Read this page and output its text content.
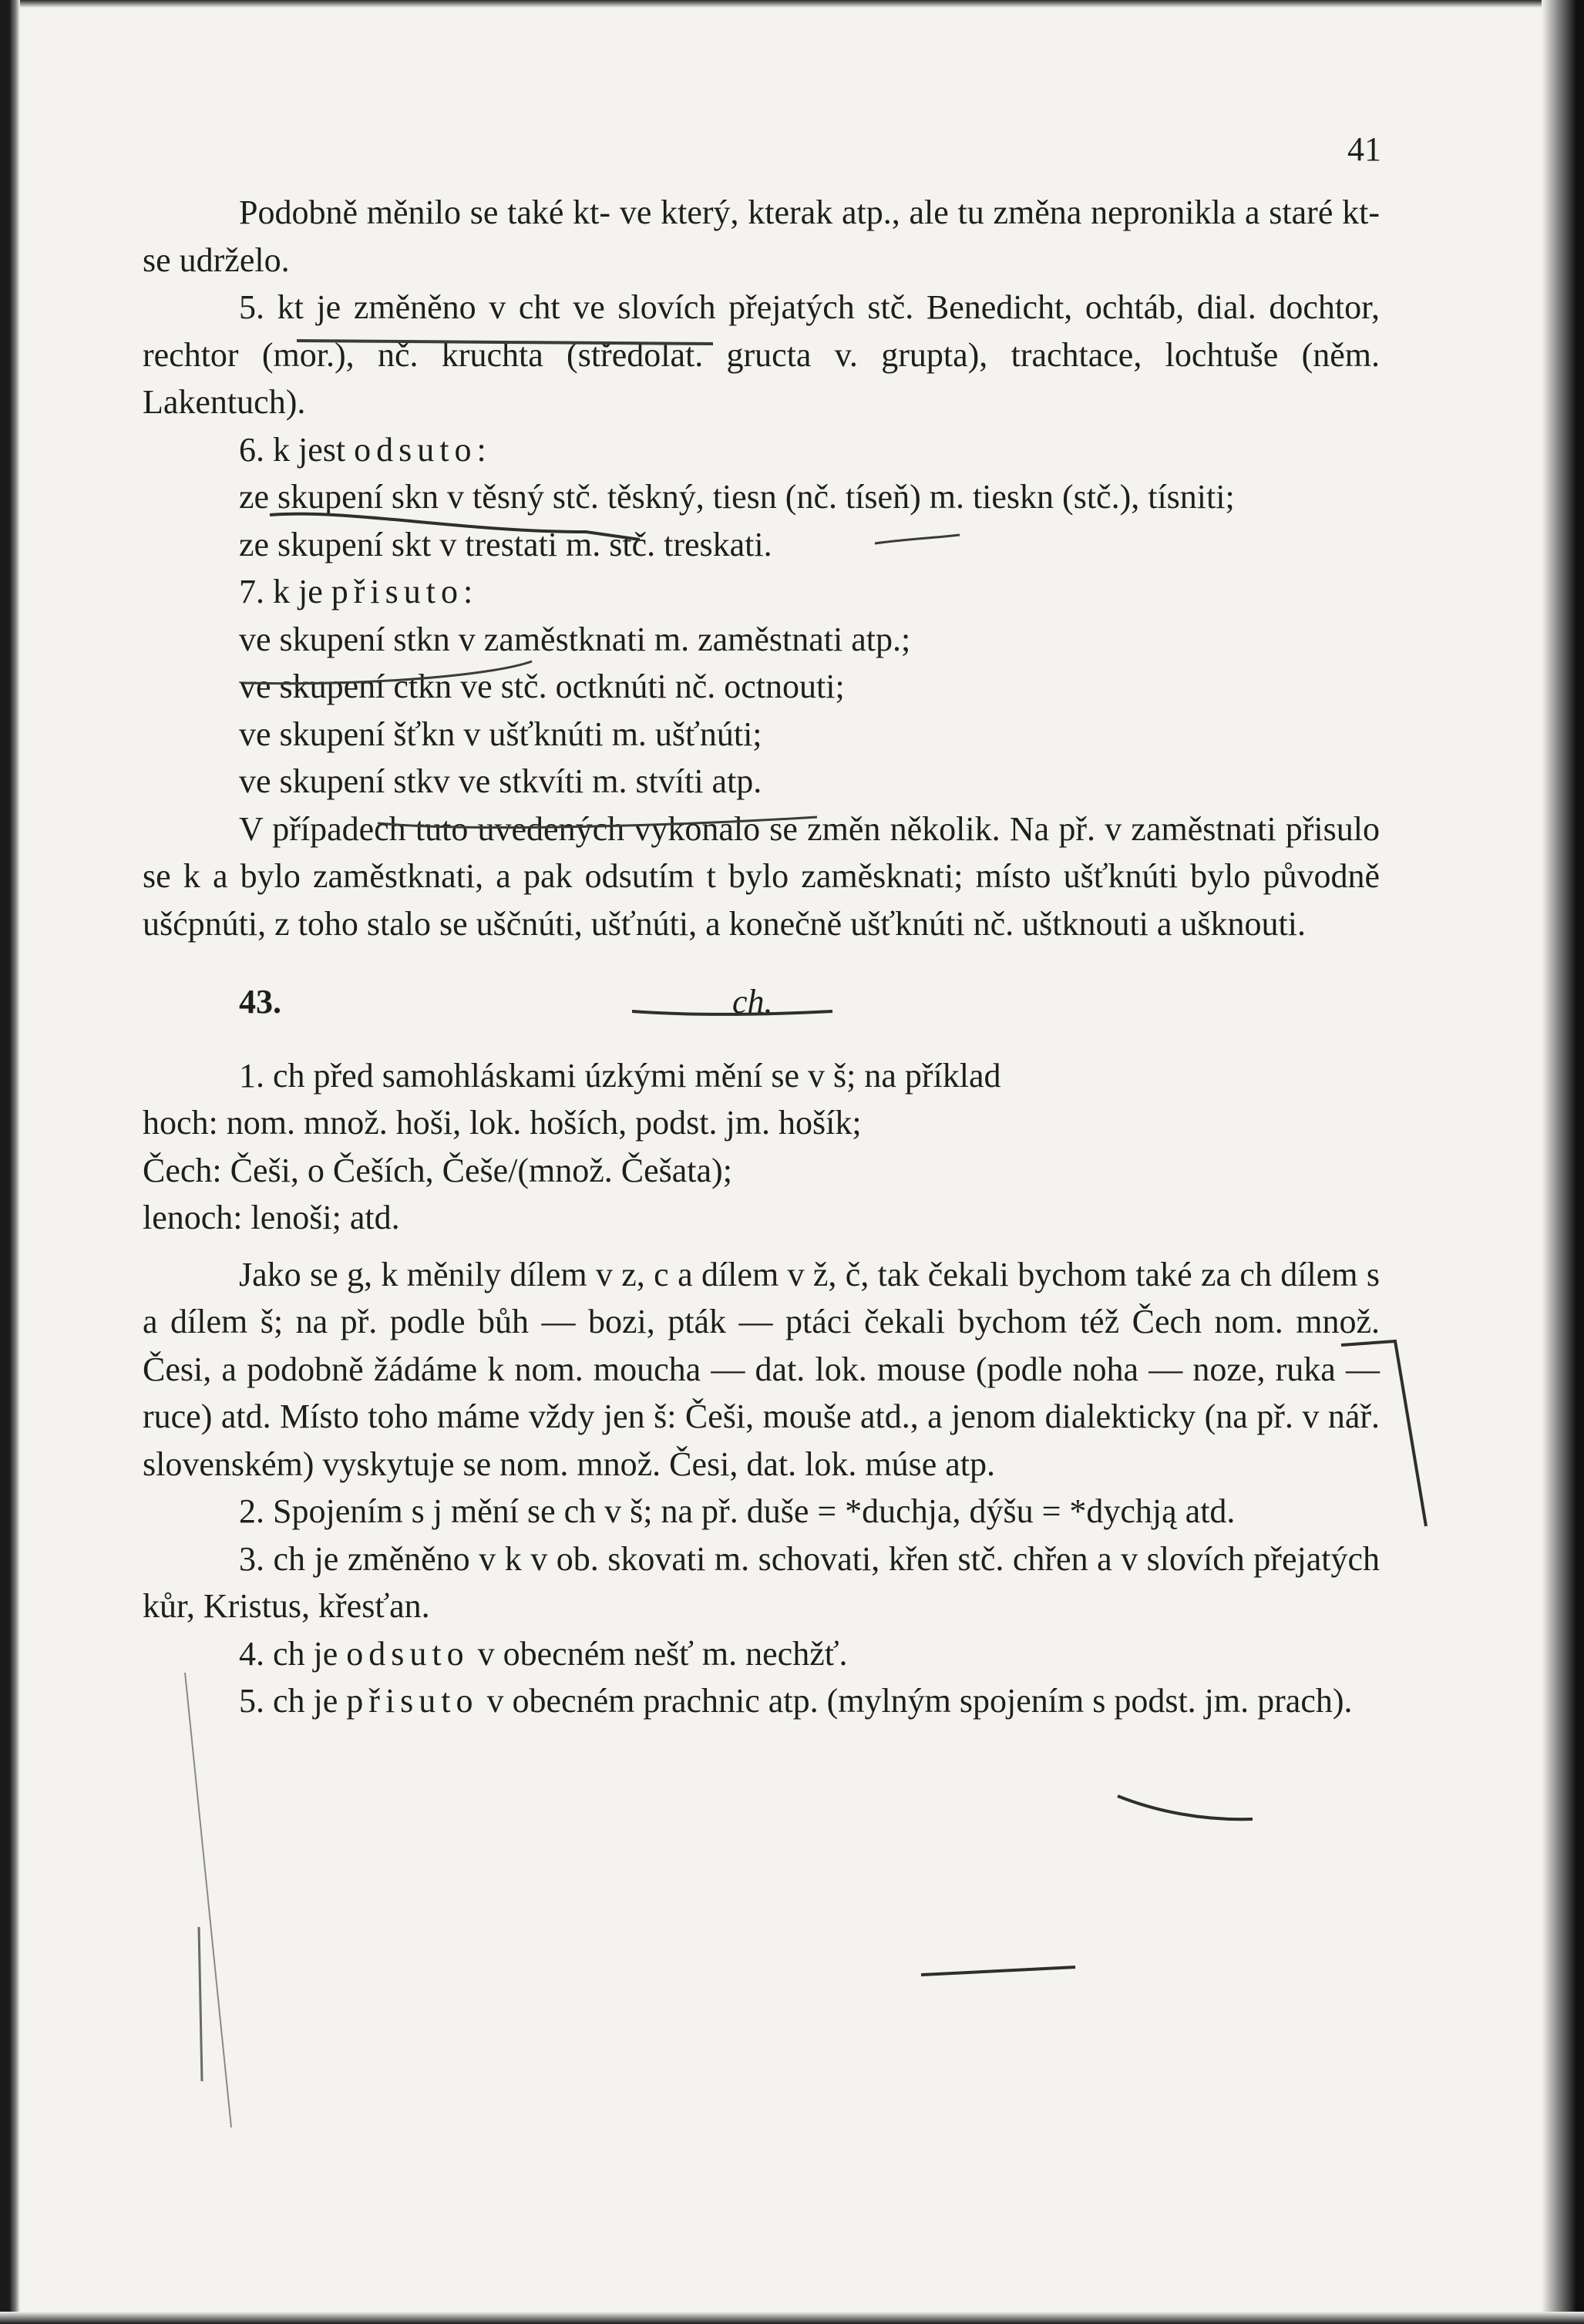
41

Podobně měnilo se také kt- ve který, kterak atp., ale tu změna nepronikla a staré kt- se udrželo.

5. kt je změněno v cht ve slovích přejatých stč. Benedicht, ochtáb, dial. dochtor, rechtor (mor.), nč. kruchta (středolat. gructa v. grupta), trachtace, lochtuše (něm. Lakentuch).

6. k jest odsuto:

ze skupení skn v těsný stč. těskný, tiesn (nč. tíseň) m. tieskn (stč.), tísniti;

ze skupení skt v trestati m. stč. treskati.

7. k je přisuto:

ve skupení stkn v zaměstknati m. zaměstnati atp.;

ve skupení ctkn ve stč. octknúti nč. octnouti;

ve skupení šťkn v ušťknúti m. ušťnúti;

ve skupení stkv ve stkvíti m. stvíti atp.

V případech tuto uvedených vykonalo se změn několik. Na př. v zaměstnati přisulo se k a bylo zaměstknati, a pak odsutím t bylo zaměsknati; místo ušťknúti bylo původně ušćpnúti, z toho stalo se uščnúti, ušťnúti, a konečně ušťknúti nč. uštknouti a ušknouti.

43.	ch.

1. ch před samohláskami úzkými mění se v š; na příklad

hoch: nom. množ. hoši, lok. hoších, podst. jm. hošík;

Čech: Češi, o Češích, Češe/(množ. Češata);

lenoch: lenoši; atd.

Jako se g, k měnily dílem v z, c a dílem v ž, č, tak čekali bychom také za ch dílem s a dílem š; na př. podle bůh — bozi, pták — ptáci čekali bychom též Čech nom. množ. Česi, a podobně žádáme k nom. moucha — dat. lok. mouse (podle noha — noze, ruka — ruce) atd. Místo toho máme vždy jen š: Češi, mouše atd., a jenom dialekticky (na př. v nář. slovenském) vyskytuje se nom. množ. Česi, dat. lok. múse atp.

2. Spojením s j mění se ch v š; na př. duše = *duchja, dýšu = *dychją atd.

3. ch je změněno v k v ob. skovati m. schovati, křen stč. chřen a v slovích přejatých kůr, Kristus, křesťan.

4. ch je odsuto v obecném nešť m. nechžť.

5. ch je přisuto v obecném prachnic atp. (mylným spojením s podst. jm. prach).
